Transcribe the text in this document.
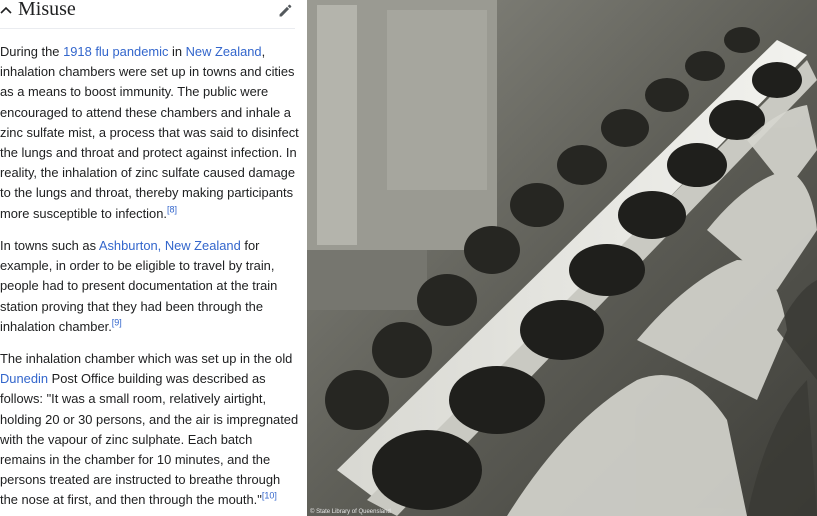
Misuse
During the 1918 flu pandemic in New Zealand,
inhalation chambers were set up in towns and cities
as a means to boost immunity. The public were
encouraged to attend these chambers and inhale a
zinc sulfate mist, a process that was said to disinfect
the lungs and throat and protect against infection. In
reality, the inhalation of zinc sulfate caused damage
to the lungs and throat, thereby making participants
more susceptible to infection.[8]
In towns such as Ashburton, New Zealand for
example, in order to be eligible to travel by train,
people had to present documentation at the train
station proving that they had been through the
inhalation chamber.[9]
The inhalation chamber which was set up in the old
Dunedin Post Office building was described as
follows: "It was a small room, relatively airtight,
holding 20 or 30 persons, and the air is impregnated
with the vapour of zinc sulphate. Each batch
remains in the chamber for 10 minutes, and the
persons treated are instructed to breathe through
the nose at first, and then through the mouth."[10]
© State Library of Queensland
